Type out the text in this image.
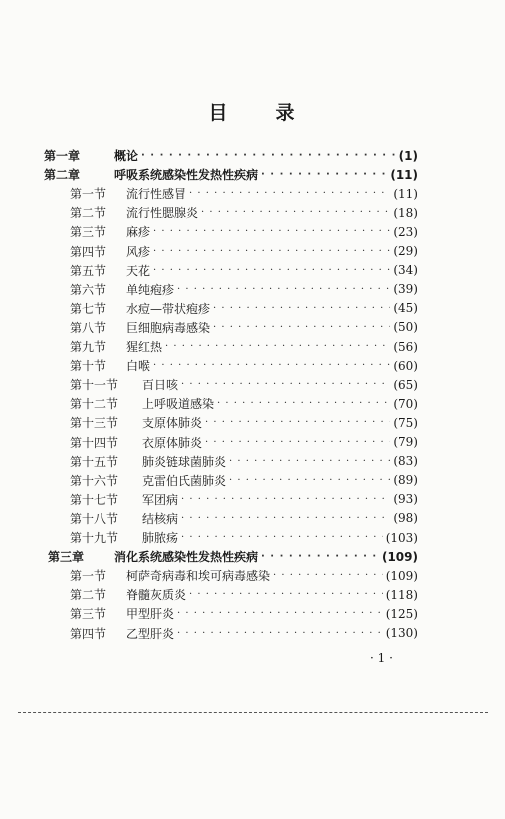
目 录
第一章	概论 · · ·	(1)
第二章	呼吸系统感染性发热性疾病 · · ·	(11)
第一节	流行性感冒 · · ·	(11)
第二节	流行性腮腺炎 · · ·	(18)
第三节	麻疹 · · ·	(23)
第四节	风疹 · · ·	(29)
第五节	天花 · · ·	(34)
第六节	单纯疱疹 · · ·	(39)
第七节	水痘—带状疱疹 · · ·	(45)
第八节	巨细胞病毒感染 · · ·	(50)
第九节	猩红热 · · ·	(56)
第十节	白喉 · · ·	(60)
第十一节	百日咳 · · ·	(65)
第十二节	上呼吸道感染 · · ·	(70)
第十三节	支原体肺炎 · · ·	(75)
第十四节	衣原体肺炎 · · ·	(79)
第十五节	肺炎链球菌肺炎 · · ·	(83)
第十六节	克雷伯氏菌肺炎 · · ·	(89)
第十七节	军团病 · · ·	(93)
第十八节	结核病 · · ·	(98)
第十九节	肺脓疡 · · ·	(103)
第三章	消化系统感染性发热性疾病 · · ·	(109)
第一节	柯萨奇病毒和埃可病毒感染 · · ·	(109)
第二节	脊髓灰质炎 · · ·	(118)
第三节	甲型肝炎 · · ·	(125)
第四节	乙型肝炎 · · ·	(130)
· 1 ·
